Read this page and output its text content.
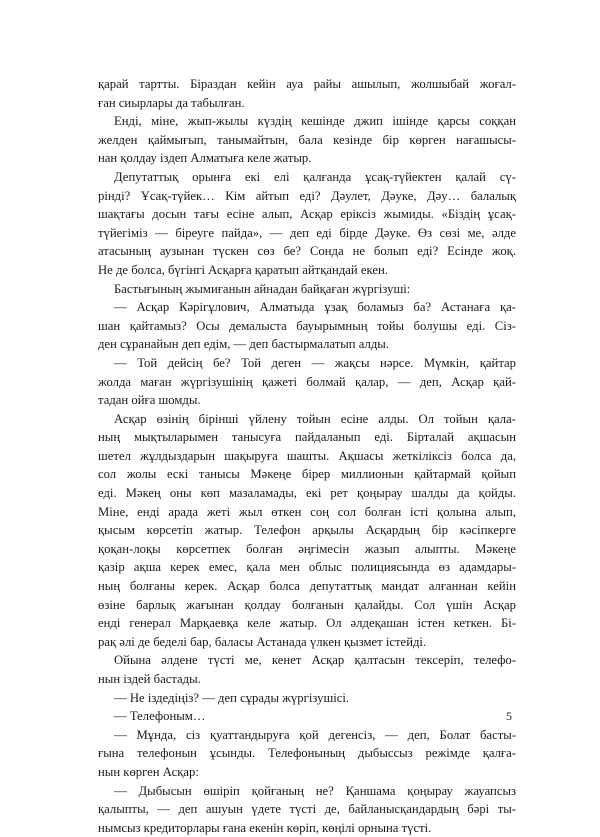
қарай тартты. Біраздан кейін ауа райы ашылып, жолшыбай жоғал-
ған сиырлары да табылған.
Енді, міне, жып-жылы күздің кешінде джип ішінде қарсы соққан
желден қаймығып, танымайтын, бала кезінде бір көрген нағашысы-
нан қолдау іздеп Алматыға келе жатыр.
Депутаттық орынға екі елі қалғанда ұсақ-түйектен қалай сү-
рінді? Ұсақ-түйек… Кім айтып еді? Дәулет, Дәуке, Дәу… балалық
шақтағы досын тағы есіне алып, Асқар еріксіз жымиды. «Біздің ұсақ-
түйегіміз — біреуге пайда», — деп еді бірде Дәуке. Өз сөзі ме, әлде
атасының аузынан түскен сөз бе? Сонда не болып еді? Есінде жоқ.
Не де болса, бүгінгі Асқарға қаратып айтқандай екен.
Бастығының жымиғанын айнадан байқаған жүргізуші:
— Асқар Кәрігұлович, Алматыда ұзақ боламыз ба? Астанаға қа-
шан қайтамыз? Осы демалыста бауырымның тойы болушы еді. Сіз-
ден сұранайын деп едім, — деп бастырмалатып алды.
— Той дейсің бе? Той деген — жақсы нәрсе. Мүмкін, қайтар
жолда маған жүргізушінің қажеті болмай қалар, — деп, Асқар қай-
тадан ойға шомды.
Асқар өзінің бірінші үйлену тойын есіне алды. Ол тойын қала-
ның мықтыларымен танысуға пайдаланып еді. Бірталай ақшасын
шетел жұлдыздарын шақыруға шашты. Ақшасы жеткіліксіз болса да,
сол жолы ескі танысы Мәкеңе бірер миллионын қайтармай қойып
еді. Мәкең оны көп мазаламады, екі рет қоңырау шалды да қойды.
Міне, енді арада жеті жыл өткен соң сол болған істі қолына алып,
қысым көрсетіп жатыр. Телефон арқылы Асқардың бір кәсіпкерге
қоқан-лоқы көрсетпек болған әңгімесін жазып алыпты. Мәкеңе
қазір ақша керек емес, қала мен облыс полициясында өз адамдары-
ның болғаны керек. Асқар болса депутаттық мандат алғаннан кейін
өзіне барлық жағынан қолдау болғанын қалайды. Сол үшін Асқар
енді генерал Марқаевқа келе жатыр. Ол әлдеқашан істен кеткен. Бі-
рақ әлі де беделі бар, баласы Астанада үлкен қызмет істейді.
Ойына әлдене түсті ме, кенет Асқар қалтасын тексеріп, телефо-
нын іздей бастады.
— Не іздедіңіз? — деп сұрады жүргізушісі.
— Телефоным…
— Мұнда, сіз қуаттандыруға қой дегенсіз, — деп, Болат басты-
ғына телефонын ұсынды. Телефонының дыбыссыз режімде қалға-
нын көрген Асқар:
— Дыбысын өшіріп қойғаның не? Қаншама қоңырау жауапсыз
қалыпты, — деп ашуын үдете түсті де, байланысқандардың бәрі ты-
нымсыз кредиторлары ғана екенін көріп, көңілі орнына түсті.
5
